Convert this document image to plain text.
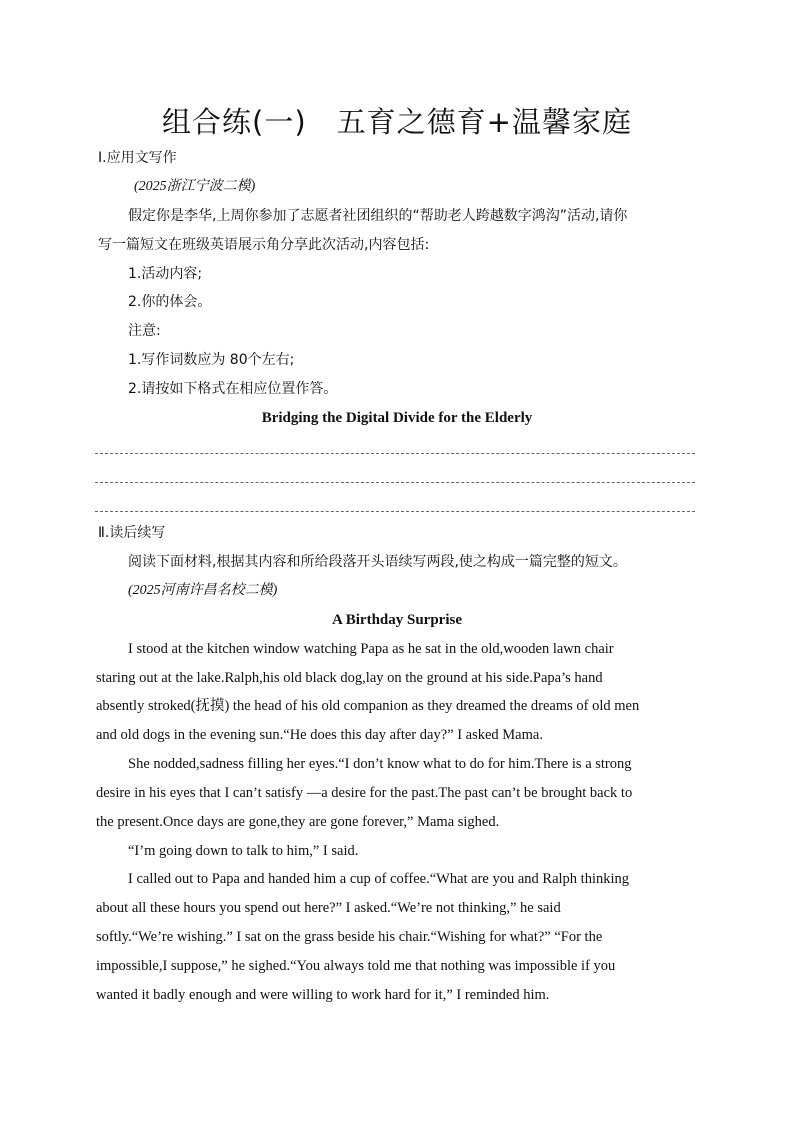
组合练(一)　五育之德育+温馨家庭
Ⅰ.应用文写作
(2025浙江宁波二模)
假定你是李华,上周你参加了志愿者社团组织的“帮助老人跨越数字鸿沟”活动,请你
写一篇短文在班级英语展示角分享此次活动,内容包括:
1.活动内容;
2.你的体会。
注意:
1.写作词数应为 80个左右;
2.请按如下格式在相应位置作答。
Bridging the Digital Divide for the Elderly
Ⅱ.读后续写
阅读下面材料,根据其内容和所给段落开头语续写两段,使之构成一篇完整的短文。
(2025河南许昌名校二模)
A Birthday Surprise
I stood at the kitchen window watching Papa as he sat in the old,wooden lawn chair
staring out at the lake.Ralph,his old black dog,lay on the ground at his side.Papa’s hand
absently stroked(抚摸) the head of his old companion as they dreamed the dreams of old men
and old dogs in the evening sun.“He does this day after day?” I asked Mama.
She nodded,sadness filling her eyes.“I don’t know what to do for him.There is a strong
desire in his eyes that I can’t satisfy —a desire for the past.The past can’t be brought back to
the present.Once days are gone,they are gone forever,” Mama sighed.
“I’m going down to talk to him,” I said.
I called out to Papa and handed him a cup of coffee.“What are you and Ralph thinking
about all these hours you spend out here?” I asked.“We’re not thinking,” he said
softly.“We’re wishing.” I sat on the grass beside his chair.“Wishing for what?” “For the
impossible,I suppose,” he sighed.“You always told me that nothing was impossible if you
wanted it badly enough and were willing to work hard for it,” I reminded him.
